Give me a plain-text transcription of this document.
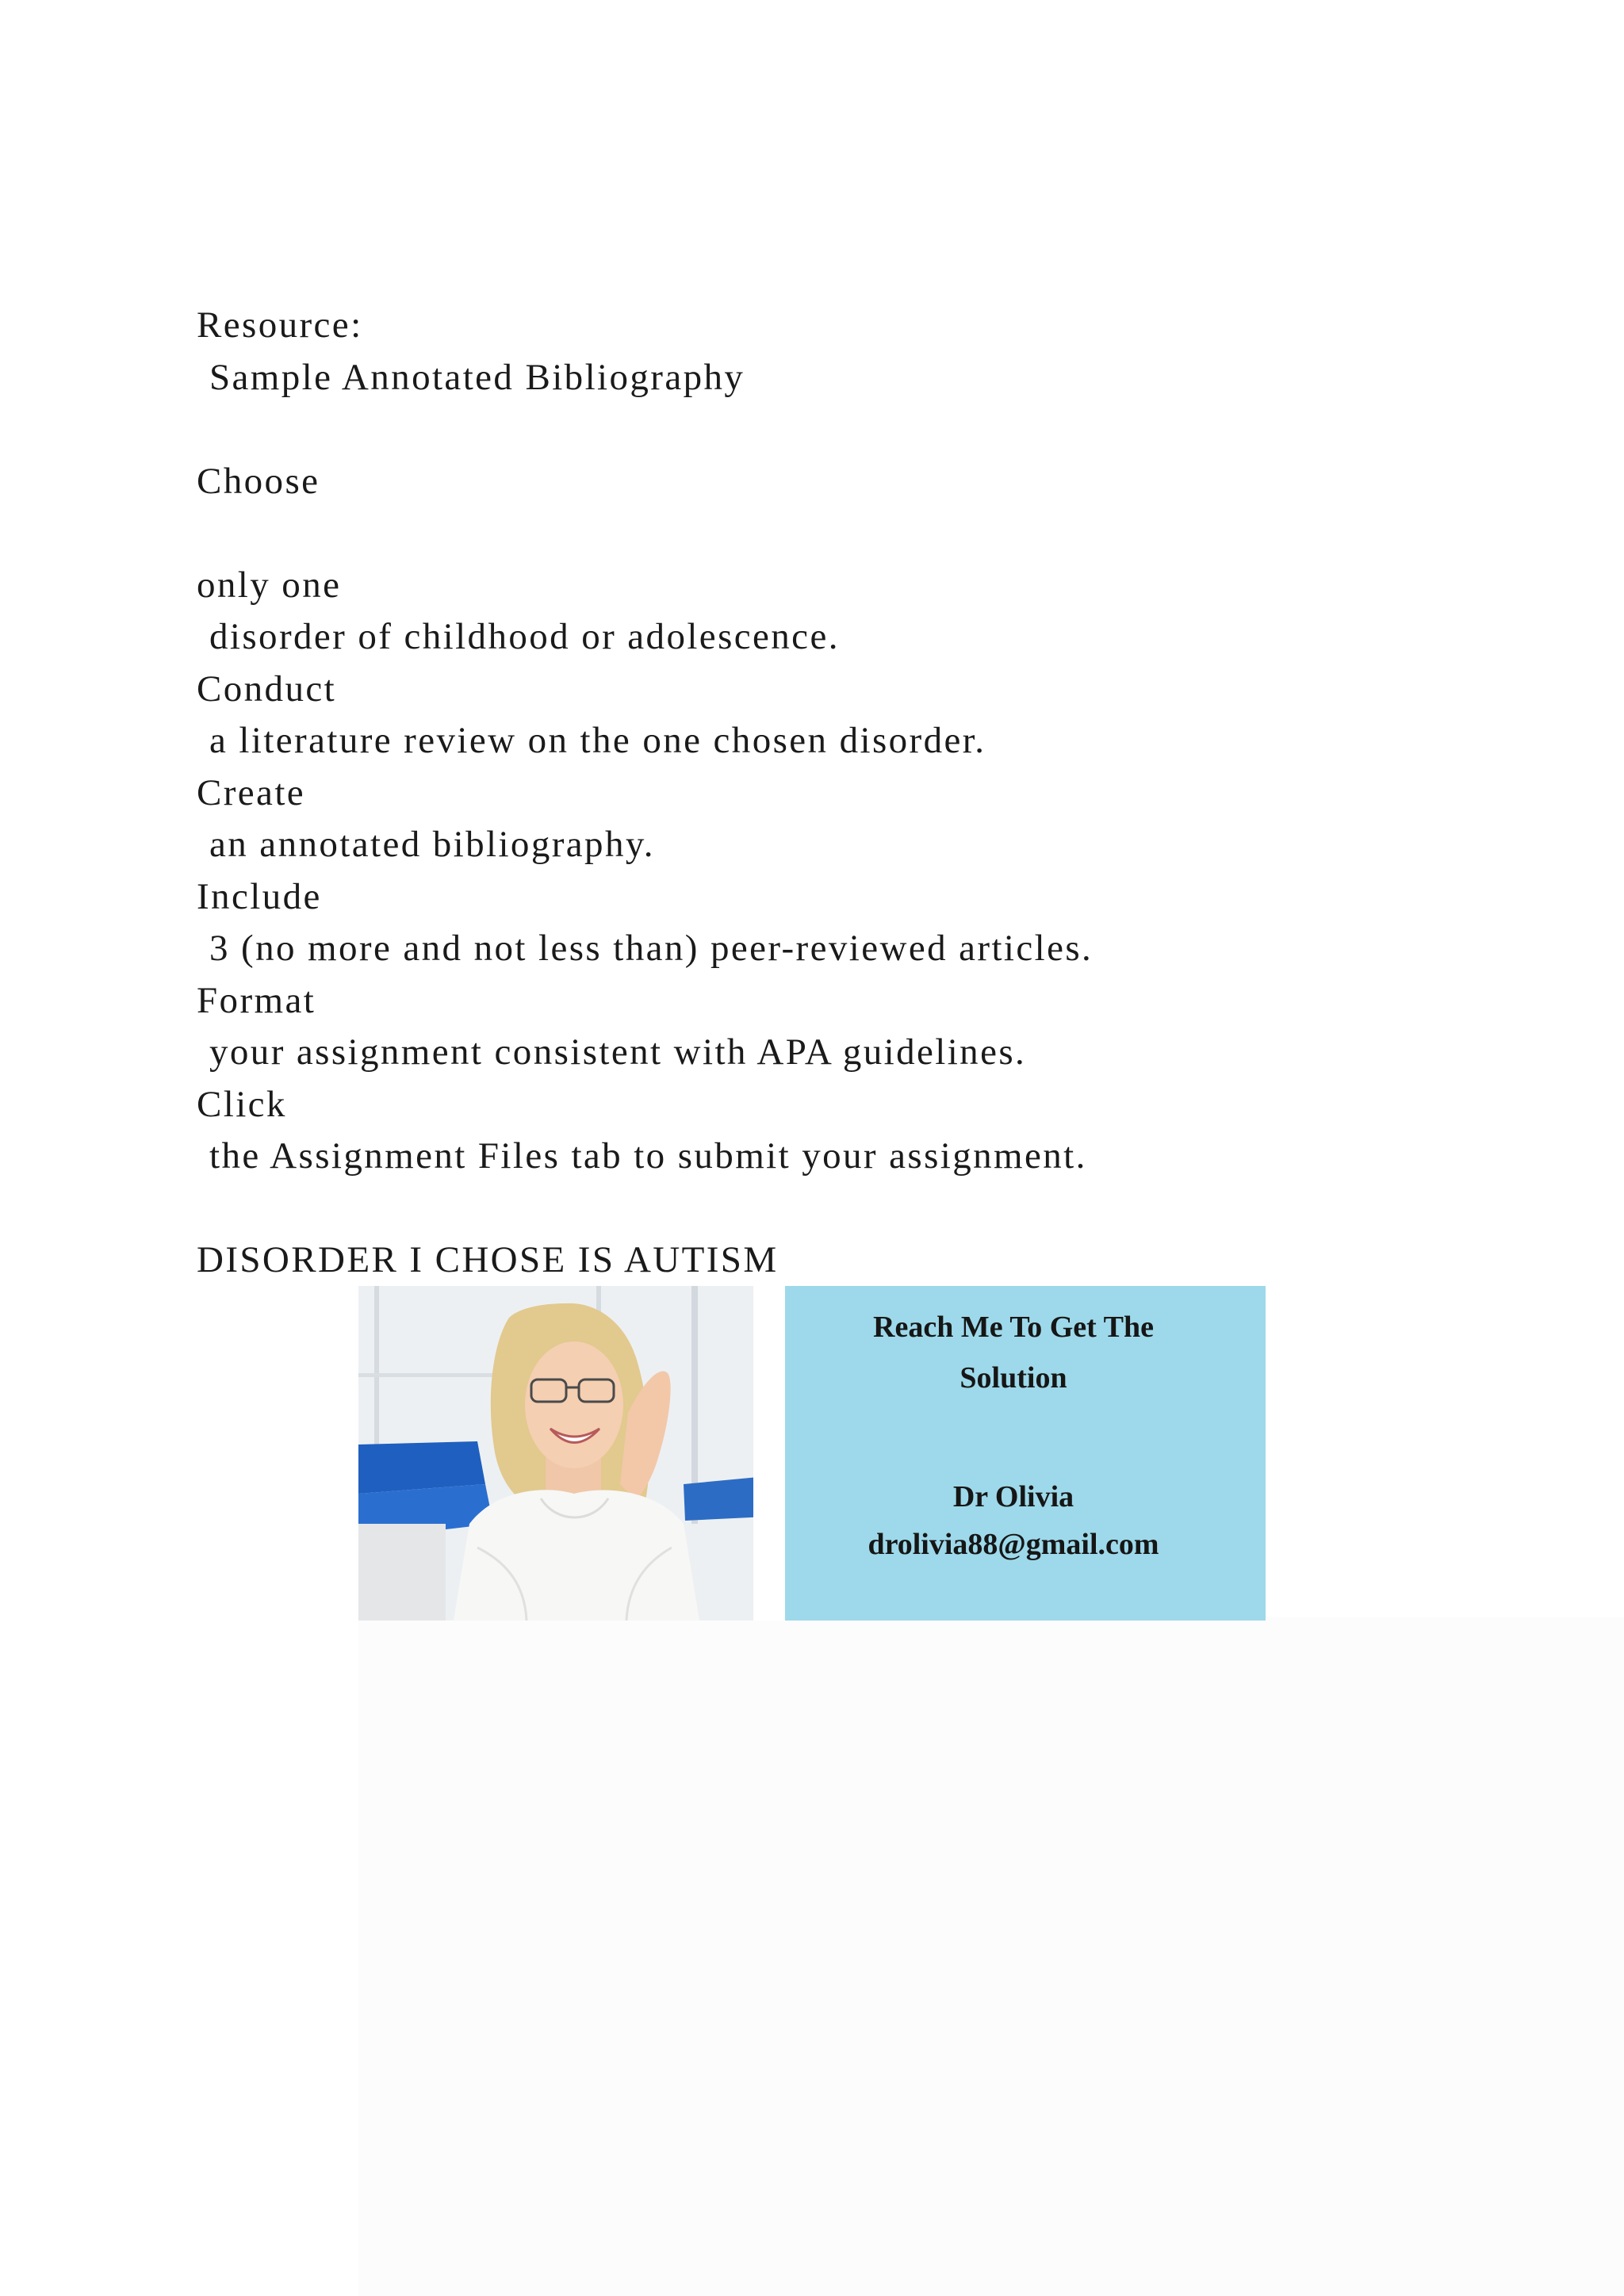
Resource:
Sample Annotated Bibliography
Choose
only one
disorder of childhood or adolescence.
Conduct
a literature review on the one chosen disorder.
Create
an annotated bibliography.
Include
3 (no more and not less than) peer-reviewed articles.
Format
your assignment consistent with APA guidelines.
Click
the Assignment Files tab to submit your assignment.
DISORDER I CHOSE IS AUTISM
Reach Me To Get The
Solution
Dr Olivia
drolivia88@gmail.com
